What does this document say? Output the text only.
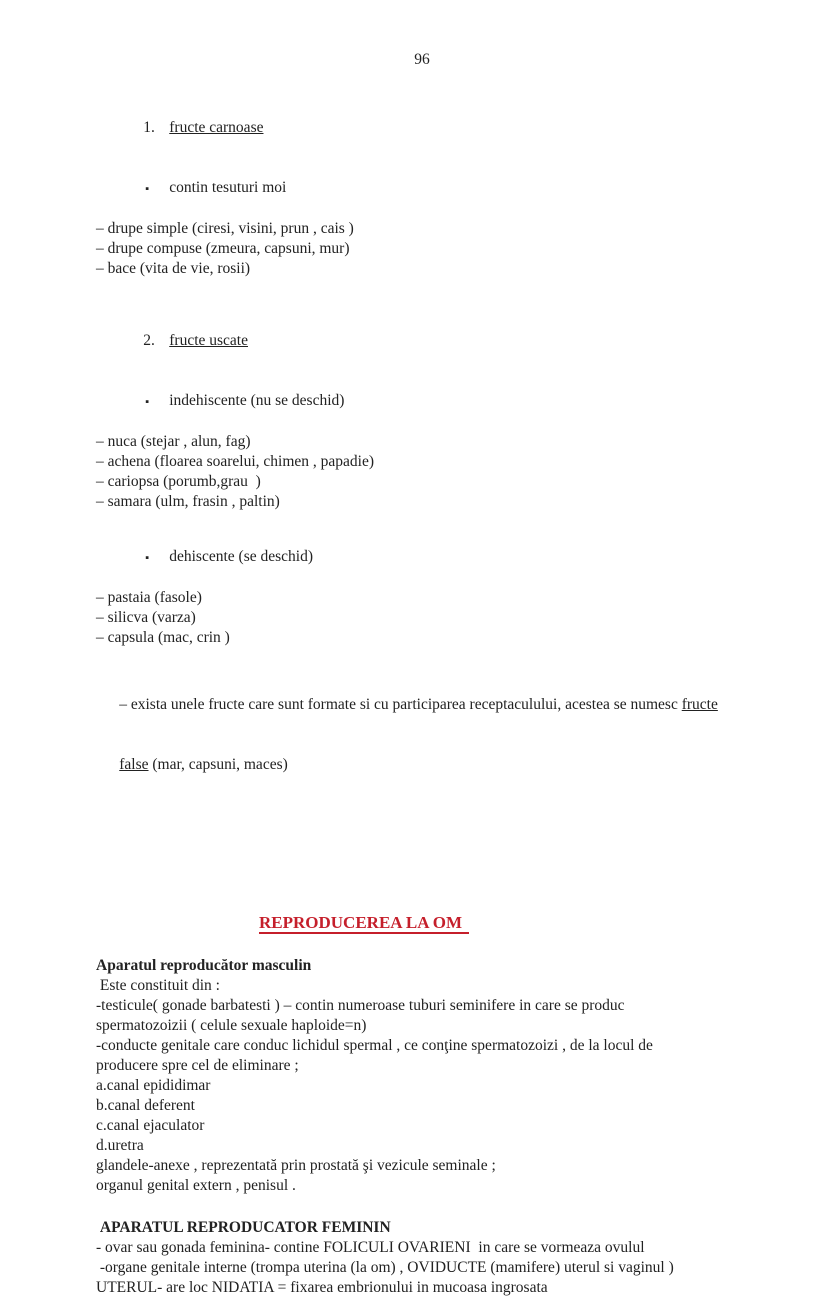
96

1. fructe carnoase

▪ contin tesuturi moi

– drupe simple (ciresi, visini, prun , cais )
– drupe compuse (zmeura, capsuni, mur)
– bace (vita de vie, rosii)

2. fructe uscate

▪ indehiscente (nu se deschid)

– nuca (stejar , alun, fag)
– achena (floarea soarelui, chimen , papadie)
– cariopsa (porumb,grau  )
– samara (ulm, frasin , paltin)

▪ dehiscente (se deschid)

– pastaia (fasole)
– silicva (varza)
– capsula (mac, crin )

– exista unele fructe care sunt formate si cu participarea receptaculului, acestea se numesc fructe

false (mar, capsuni, maces)

REPRODUCEREA LA OM

Aparatul reproducător masculin
Este constituit din :
-testicule( gonade barbatesti ) – contin numeroase tuburi seminifere in care se produc
spermatozoizii ( celule sexuale haploide=n)
-conducte genitale care conduc lichidul spermal , ce conţine spermatozoizi , de la locul de
producere spre cel de eliminare ;
a.canal epididimar
b.canal deferent
c.canal ejaculator
d.uretra
glandele-anexe , reprezentată prin prostată şi vezicule seminale ;
organul genital extern , penisul .
APARATUL REPRODUCATOR FEMININ
- ovar sau gonada feminina- contine FOLICULI OVARIENI  in care se vormeaza ovulul
-organe genitale interne (trompa uterina (la om) , OVIDUCTE (mamifere) uterul si vaginul )
UTERUL- are loc NIDATIA = fixarea embrionului in mucoasa ingrosata
